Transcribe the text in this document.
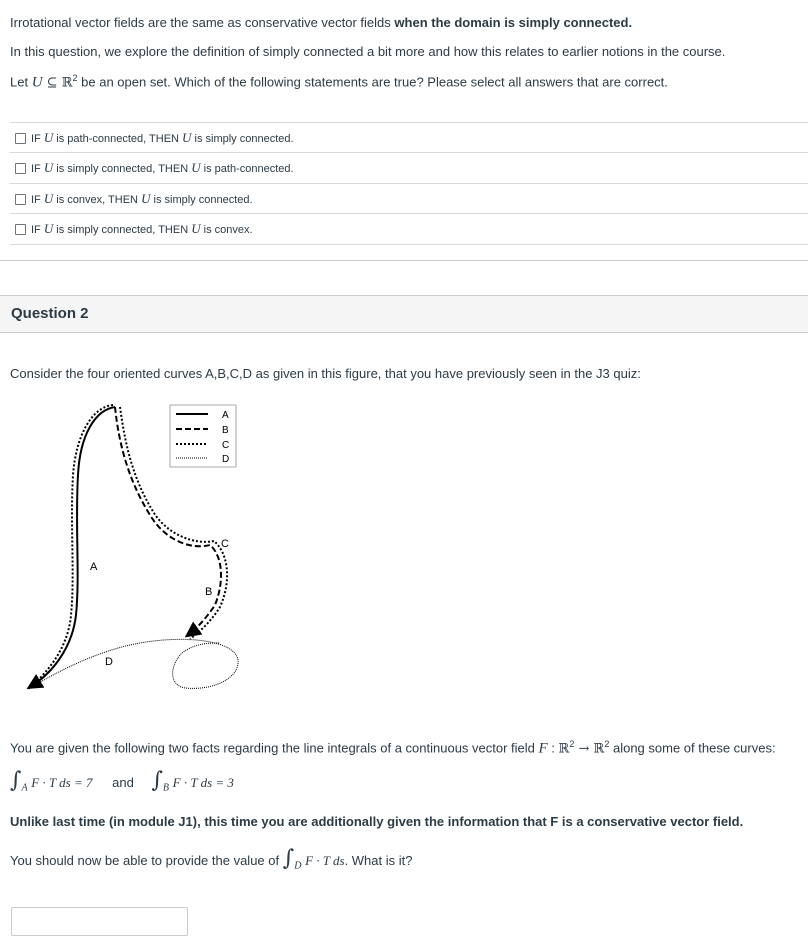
Irrotational vector fields are the same as conservative vector fields when the domain is simply connected.
In this question, we explore the definition of simply connected a bit more and how this relates to earlier notions in the course.
Let U ⊆ ℝ$^2$ be an open set. Which of the following statements are true? Please select all answers that are correct.
IF U is path-connected, THEN U is simply connected.
IF U is simply connected, THEN U is path-connected.
IF U is convex, THEN U is simply connected.
IF U is simply connected, THEN U is convex.
Question 2
Consider the four oriented curves A,B,C,D as given in this figure, that you have previously seen in the J3 quiz:
A
B
C
D
A
B
C
D
You are given the following two facts regarding the line integrals of a continuous vector field F : ℝ$^2$ → ℝ$^2$ along some of these curves:
$\int_A$ F · T ds = 7 and $\int_B$ F · T ds = 3
Unlike last time (in module J1), this time you are additionally given the information that F is a conservative vector field.
You should now be able to provide the value of $\int_D$ F · T ds. What is it?
